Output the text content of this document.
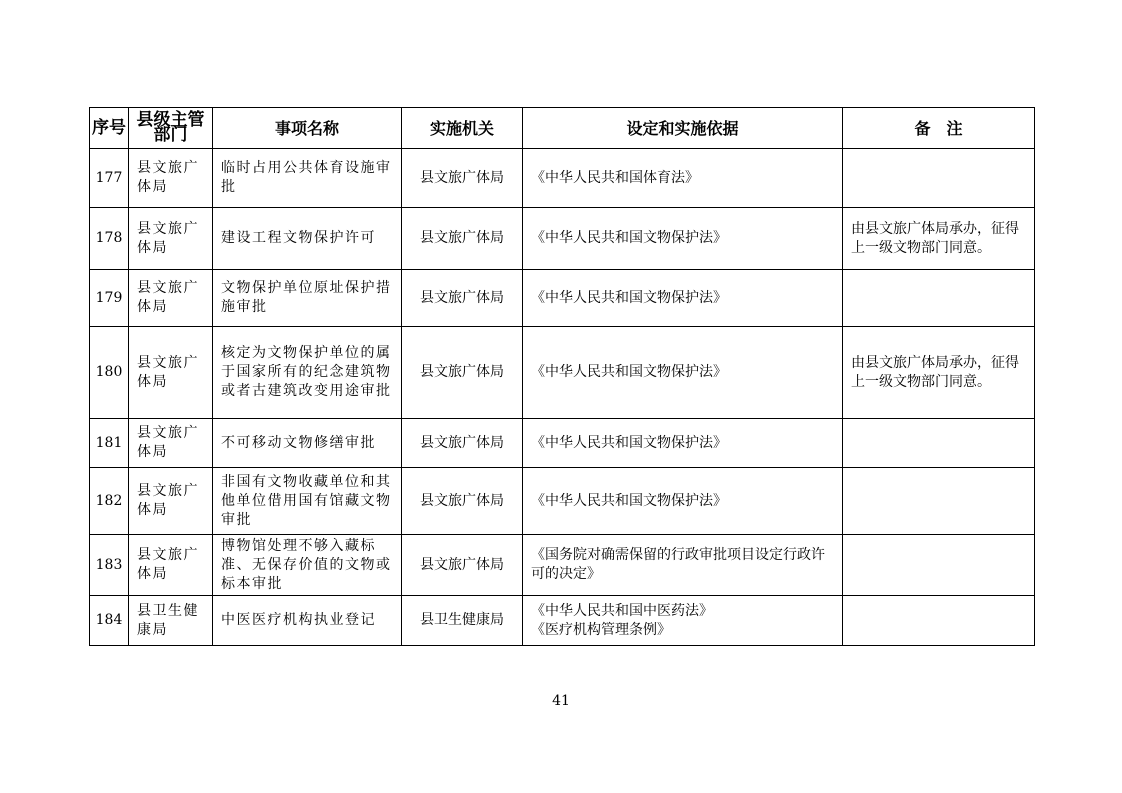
序号	县级主管部门	事项名称	实施机关	设定和实施依据	备　注
177	县文旅广体局	临时占用公共体育设施审批	县文旅广体局	《中华人民共和国体育法》	
178	县文旅广体局	建设工程文物保护许可	县文旅广体局	《中华人民共和国文物保护法》	由县文旅广体局承办，征得上一级文物部门同意。
179	县文旅广体局	文物保护单位原址保护措施审批	县文旅广体局	《中华人民共和国文物保护法》	
180	县文旅广体局	核定为文物保护单位的属于国家所有的纪念建筑物或者古建筑改变用途审批	县文旅广体局	《中华人民共和国文物保护法》	由县文旅广体局承办，征得上一级文物部门同意。
181	县文旅广体局	不可移动文物修缮审批	县文旅广体局	《中华人民共和国文物保护法》	
182	县文旅广体局	非国有文物收藏单位和其他单位借用国有馆藏文物审批	县文旅广体局	《中华人民共和国文物保护法》	
183	县文旅广体局	博物馆处理不够入藏标准、无保存价值的文物或标本审批	县文旅广体局	《国务院对确需保留的行政审批项目设定行政许可的决定》	
184	县卫生健康局	中医医疗机构执业登记	县卫生健康局	《中华人民共和国中医药法》
《医疗机构管理条例》	
41
